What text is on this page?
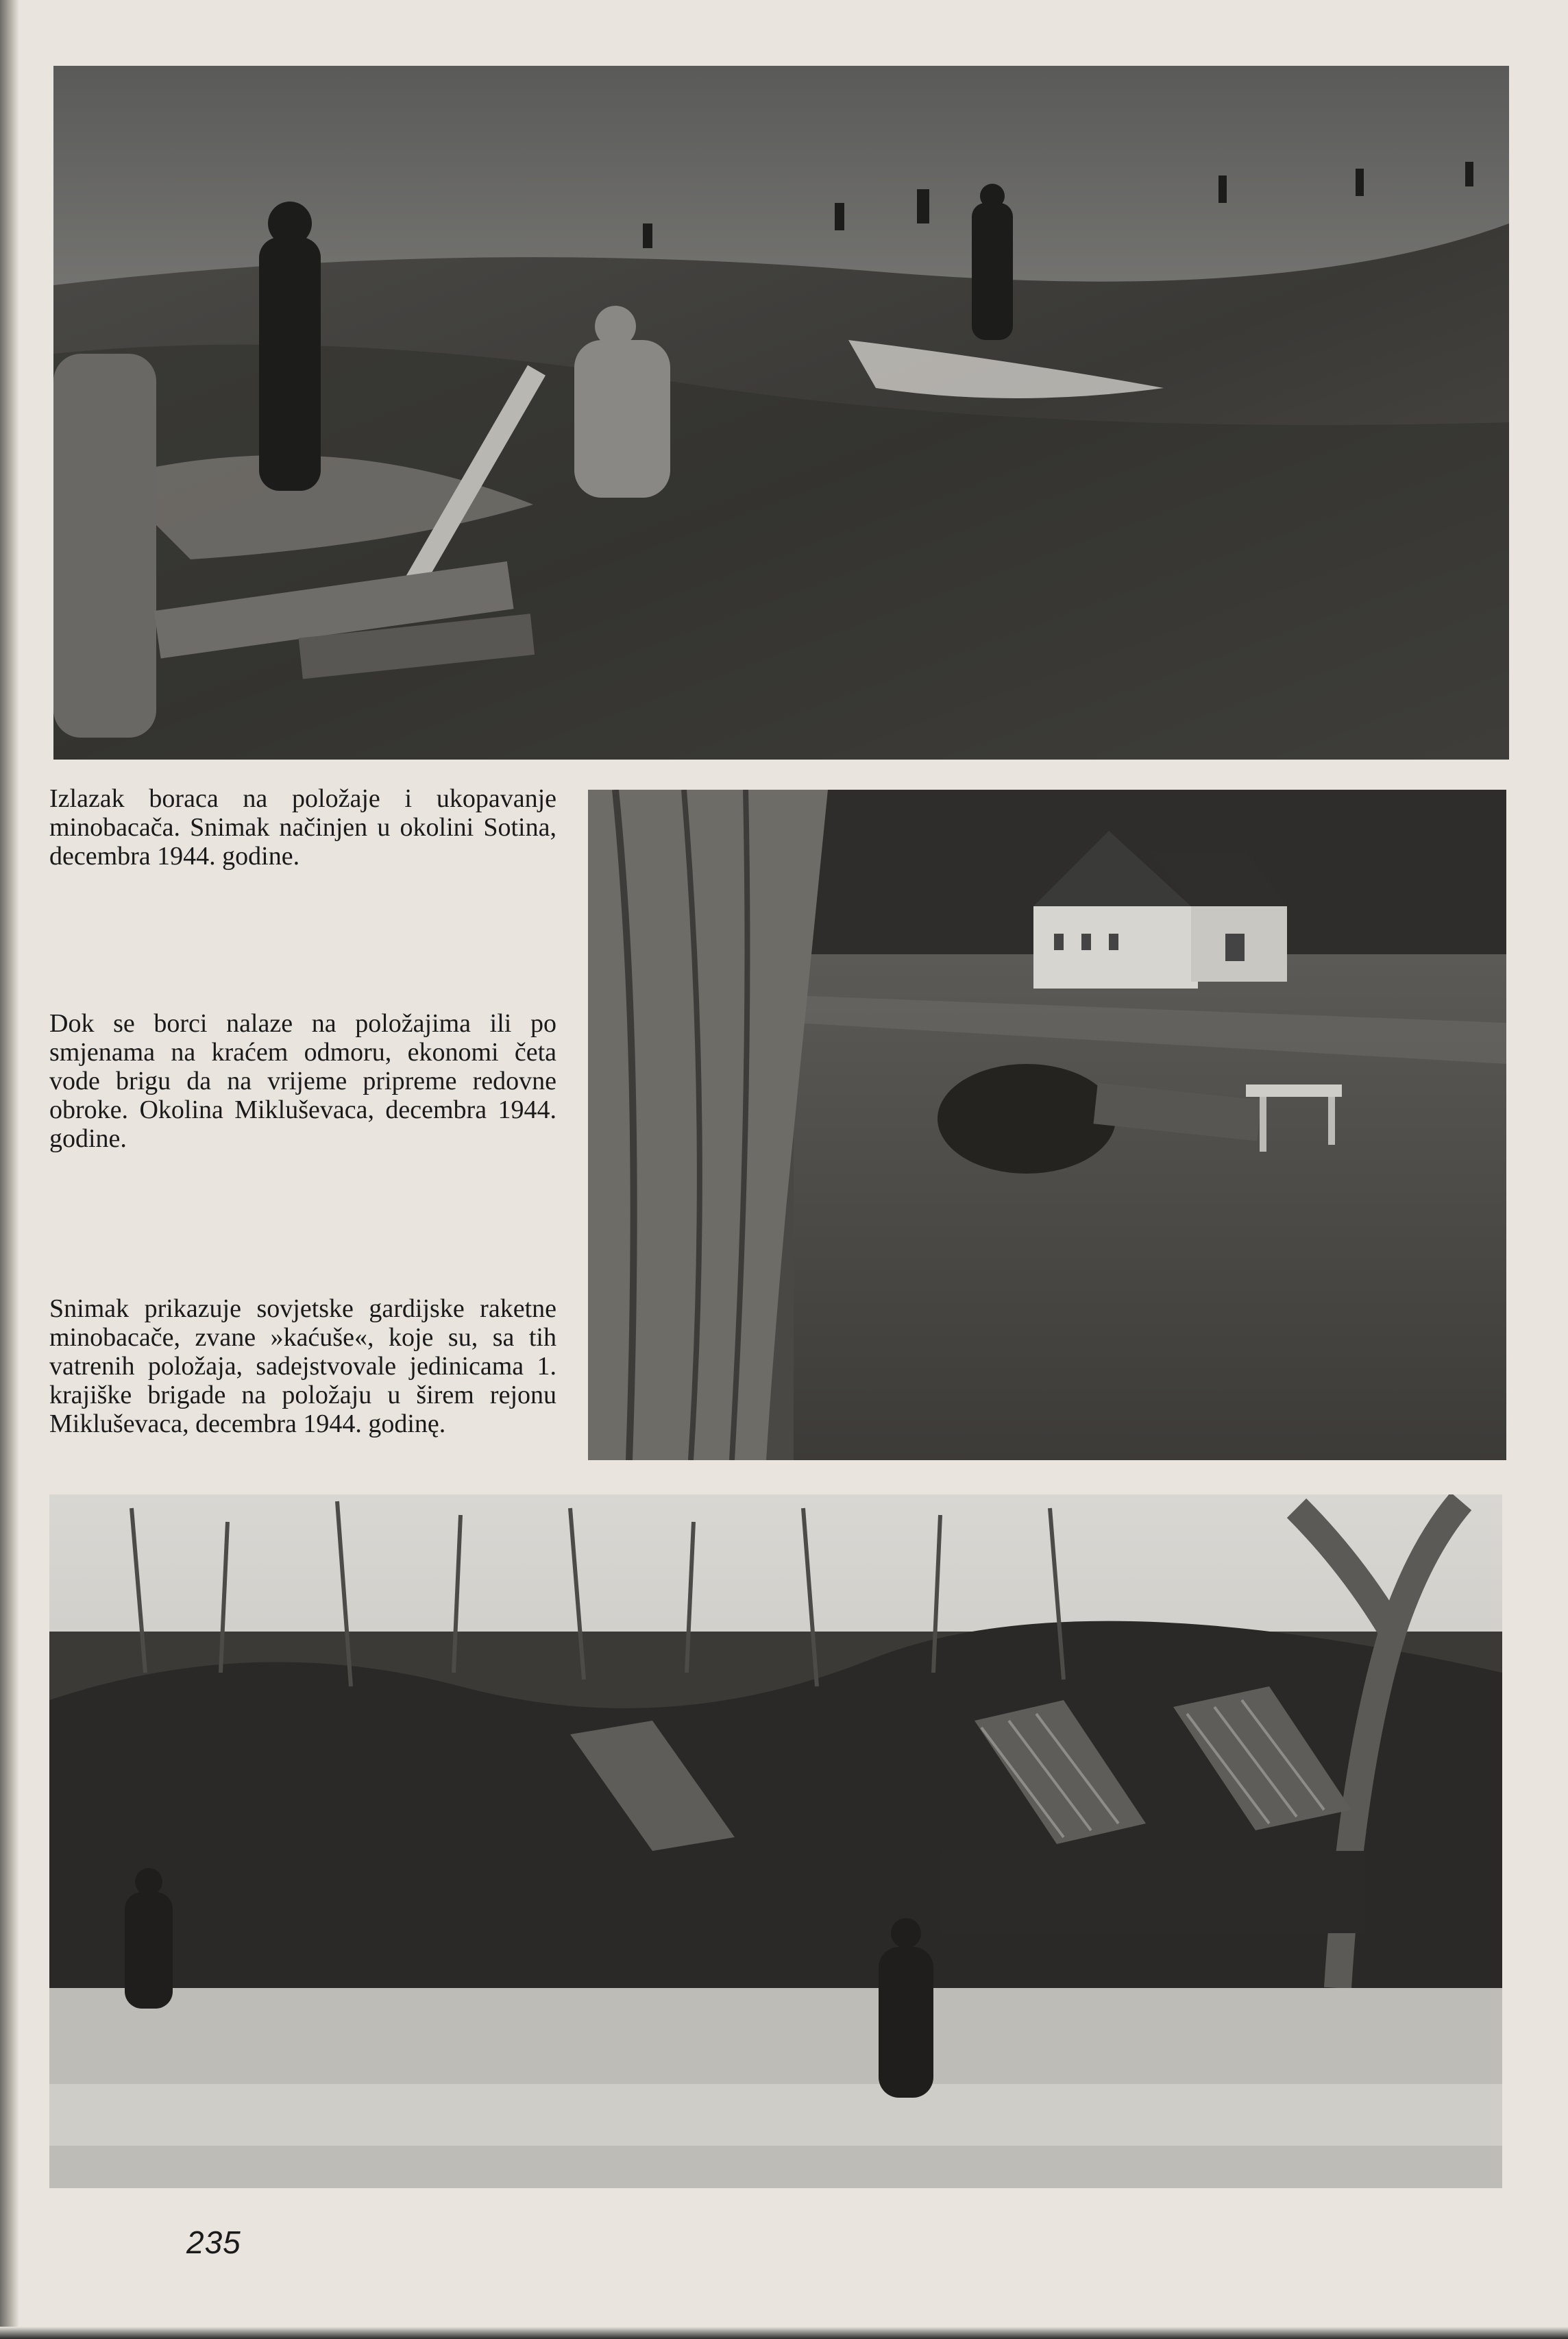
Izlazak boraca na položaje i ukopavanje minobacača. Snimak načinjen u okolini Sotina, decembra 1944. godine.

Dok se borci nalaze na položajima ili po smjenama na kraćem odmoru, ekonomi četa vode brigu da na vrijeme pripreme redovne obroke. Okolina Mikluševaca, decembra 1944. godine.

Snimak prikazuje sovjetske gardijske raketne minobacače, zvane »kaćuše«, koje su, sa tih vatrenih položaja, sadejstvovale jedinicama 1. krajiške brigade na položaju u širem rejonu Mikluševaca, decembra 1944. godinę.

235
